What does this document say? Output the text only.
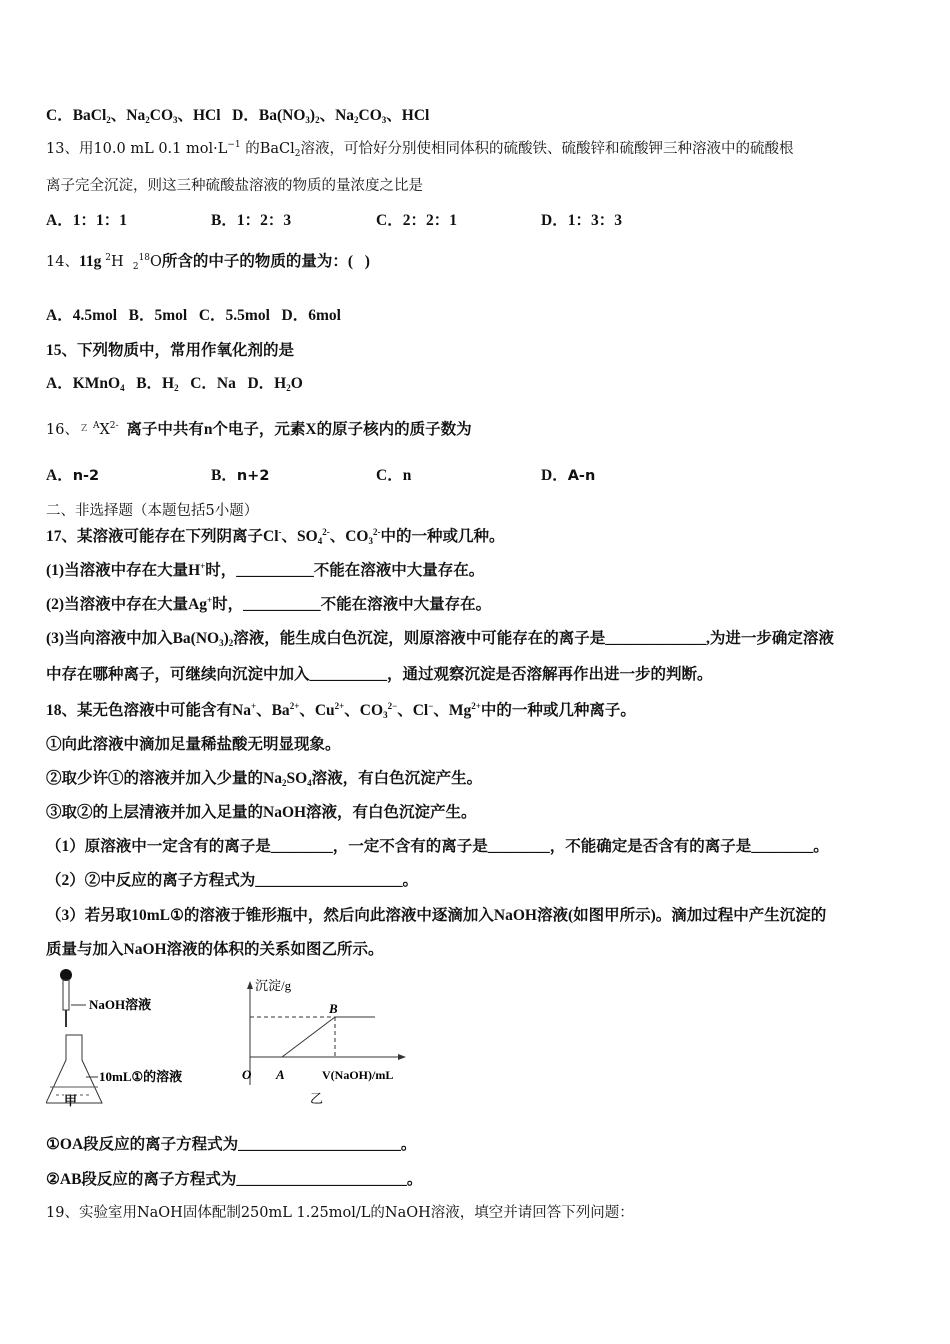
C．BaCl$_2$、$Na_2CO_3$、HCl   D．$Ba(NO_3)_2$、$Na_2CO_3$、HCl
13、用10.0 mL 0.1 $mol\cdot L^{-1}$ 的BaCl$_2$溶液，可恰好分别使相同体积的硫酸铁、硫酸锌和硫酸钾三种溶液中的硫酸根
离子完全沉淀，则这三种硫酸盐溶液的物质的量浓度之比是
14、11g $^2$H  $_2^{18}$O所含的中子的物质的量为：(   )
A．4.5mol   B．5mol   C．5.5mol   D．6mol
15、下列物质中，常用作氧化剂的是
A．KMnO$_4$   B．$H_2$   C．Na   D．$H_2O$
16、 $^AX^{2-}$  离子中共有n个电子，元素X的原子核内的质子数为
二、非选择题（本题包括5小题）
17、某溶液可能存在下列阴离子Cl-、$SO_4^{2-}$、$CO_3^{2-}$中的一种或几种。
(1)当溶液中存在大量H+时，__________不能在溶液中大量存在。
(2)当溶液中存在大量Ag+时，__________不能在溶液中大量存在。
(3)当向溶液中加入$Ba(NO_3)_2$溶液，能生成白色沉淀，则原溶液中可能存在的离子是_____________,为进一步确定溶液
中存在哪种离子，可继续向沉淀中加入__________，通过观察沉淀是否溶解再作出进一步的判断。
18、某无色溶液中可能含有Na+、$Ba^{2+}$、$Cu^{2+}$、$CO_3^{2-}$、Cl−、$Mg^{2+}$中的一种或几种离子。
①向此溶液中滴加足量稀盐酸无明显现象。
②取少许①的溶液并加入少量的$Na_2SO_4$溶液，有白色沉淀产生。
③取②的上层清液并加入足量的NaOH溶液，有白色沉淀产生。
（1）原溶液中一定含有的离子是________，一定不含有的离子是________，不能确定是否含有的离子是________。
（2）②中反应的离子方程式为___________________。
（3）若另取10mL①的溶液于锥形瓶中，然后向此溶液中逐滴加入NaOH溶液(如图甲所示)。滴加过程中产生沉淀的
质量与加入NaOH溶液的体积的关系如图乙所示。
①OA段反应的离子方程式为_____________________。
②AB段反应的离子方程式为______________________。
19、实验室用NaOH固体配制250mL 1.25mol/L的NaOH溶液，填空并请回答下列问题：
A．1：1：1	B．1：2：3	C．2：2：1	D．1：3：3
Z
A．n-2	B．n+2	C．n	D．A-n
NaOH溶液
10mL①的溶液
甲
沉淀/g
B
O A	V(NaOH)/mL
乙
